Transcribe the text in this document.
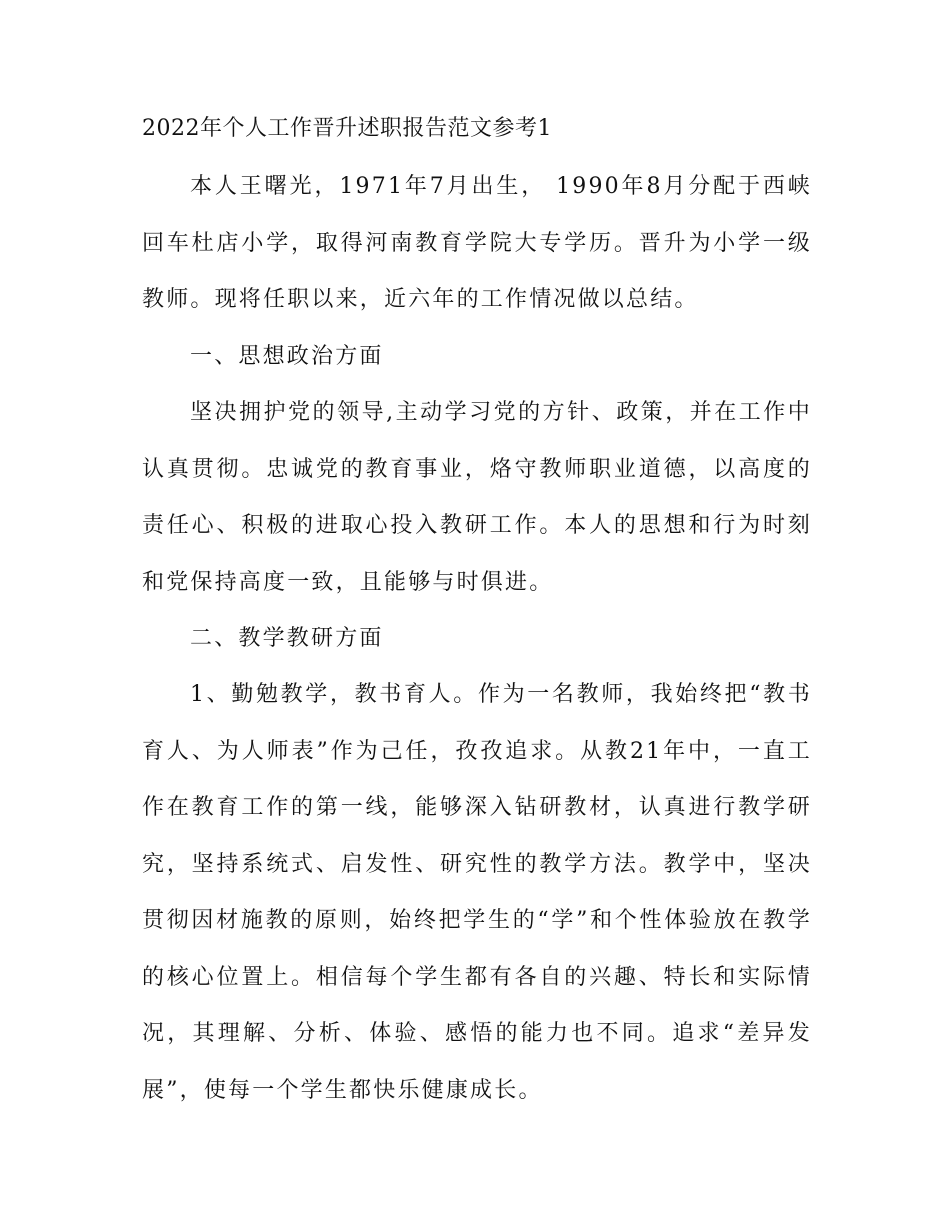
2022年个人工作晋升述职报告范文参考1

本人王曙光，1971年7月出生， 1990年8月分配于西峡回车杜店小学，取得河南教育学院大专学历。晋升为小学一级教师。现将任职以来，近六年的工作情况做以总结。

一、思想政治方面

坚决拥护党的领导,主动学习党的方针、政策，并在工作中认真贯彻。忠诚党的教育事业，烙守教师职业道德，以高度的责任心、积极的进取心投入教研工作。本人的思想和行为时刻和党保持高度一致，且能够与时俱进。

二、教学教研方面

1、勤勉教学，教书育人。作为一名教师，我始终把“教书育人、为人师表”作为己任，孜孜追求。从教21年中，一直工作在教育工作的第一线，能够深入钻研教材，认真进行教学研究，坚持系统式、启发性、研究性的教学方法。教学中，坚决贯彻因材施教的原则，始终把学生的“学”和个性体验放在教学的核心位置上。相信每个学生都有各自的兴趣、特长和实际情况，其理解、分析、体验、感悟的能力也不同。追求“差异发展”，使每一个学生都快乐健康成长。
